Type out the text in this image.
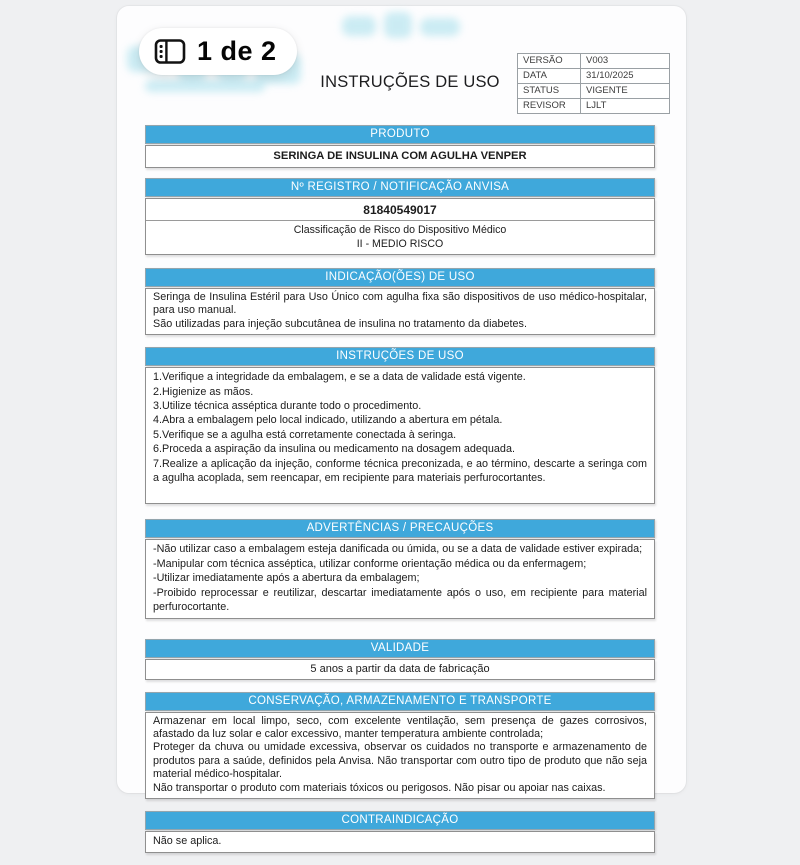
1 de 2
INSTRUÇÕES DE USO
VERSÃO	V003
DATA	31/10/2025
STATUS	VIGENTE
REVISOR	LJLT
PRODUTO
SERINGA DE INSULINA COM AGULHA VENPER
Nº REGISTRO / NOTIFICAÇÃO ANVISA
81840549017
Classificação de Risco do Dispositivo Médico
II - MEDIO RISCO
INDICAÇÃO(ÕES) DE USO
Seringa de Insulina Estéril para Uso Único com agulha fixa são dispositivos de uso médico-hospitalar, para uso manual.
São utilizadas para injeção subcutânea de insulina no tratamento da diabetes.
INSTRUÇÕES DE USO
1.Verifique a integridade da embalagem, e se a data de validade está vigente.
2.Higienize as mãos.
3.Utilize técnica asséptica durante todo o procedimento.
4.Abra a embalagem pelo local indicado, utilizando a abertura em pétala.
5.Verifique se a agulha está corretamente conectada à seringa.
6.Proceda a aspiração da insulina ou medicamento na dosagem adequada.
7.Realize a aplicação da injeção, conforme técnica preconizada, e ao término, descarte a seringa com a agulha acoplada, sem reencapar, em recipiente para materiais perfurocortantes.
ADVERTÊNCIAS / PRECAUÇÕES
-Não utilizar caso a embalagem esteja danificada ou úmida, ou se a data de validade estiver expirada;
-Manipular com técnica asséptica, utilizar conforme orientação médica ou da enfermagem;
-Utilizar imediatamente após a abertura da embalagem;
-Proibido reprocessar e reutilizar, descartar imediatamente após o uso, em recipiente para material perfurocortante.
VALIDADE
5 anos a partir da data de fabricação
CONSERVAÇÃO, ARMAZENAMENTO E TRANSPORTE
Armazenar em local limpo, seco, com excelente ventilação, sem presença de gazes corrosivos, afastado da luz solar e calor excessivo, manter temperatura ambiente controlada;
Proteger da chuva ou umidade excessiva, observar os cuidados no transporte e armazenamento de produtos para a saúde, definidos pela Anvisa. Não transportar com outro tipo de produto que não seja material médico-hospitalar.
Não transportar o produto com materiais tóxicos ou perigosos. Não pisar ou apoiar nas caixas.
CONTRAINDICAÇÃO
Não se aplica.
